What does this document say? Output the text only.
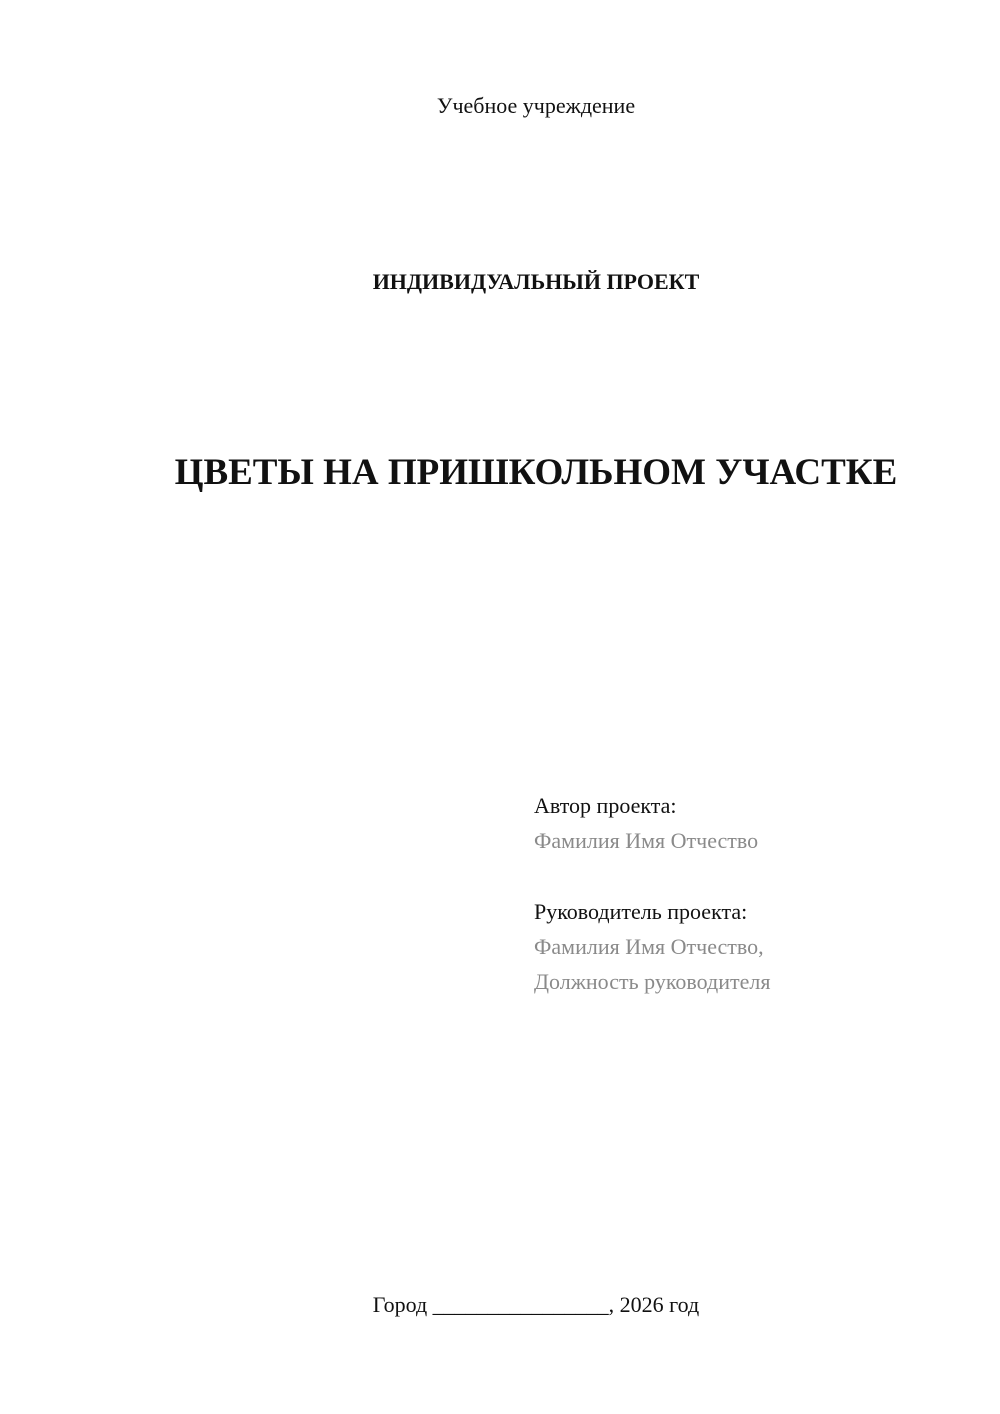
Учебное учреждение
ИНДИВИДУАЛЬНЫЙ ПРОЕКТ
ЦВЕТЫ НА ПРИШКОЛЬНОМ УЧАСТКЕ
Автор проекта:
Фамилия Имя Отчество
Руководитель проекта:
Фамилия Имя Отчество,
Должность руководителя
Город ________________, 2026 год
